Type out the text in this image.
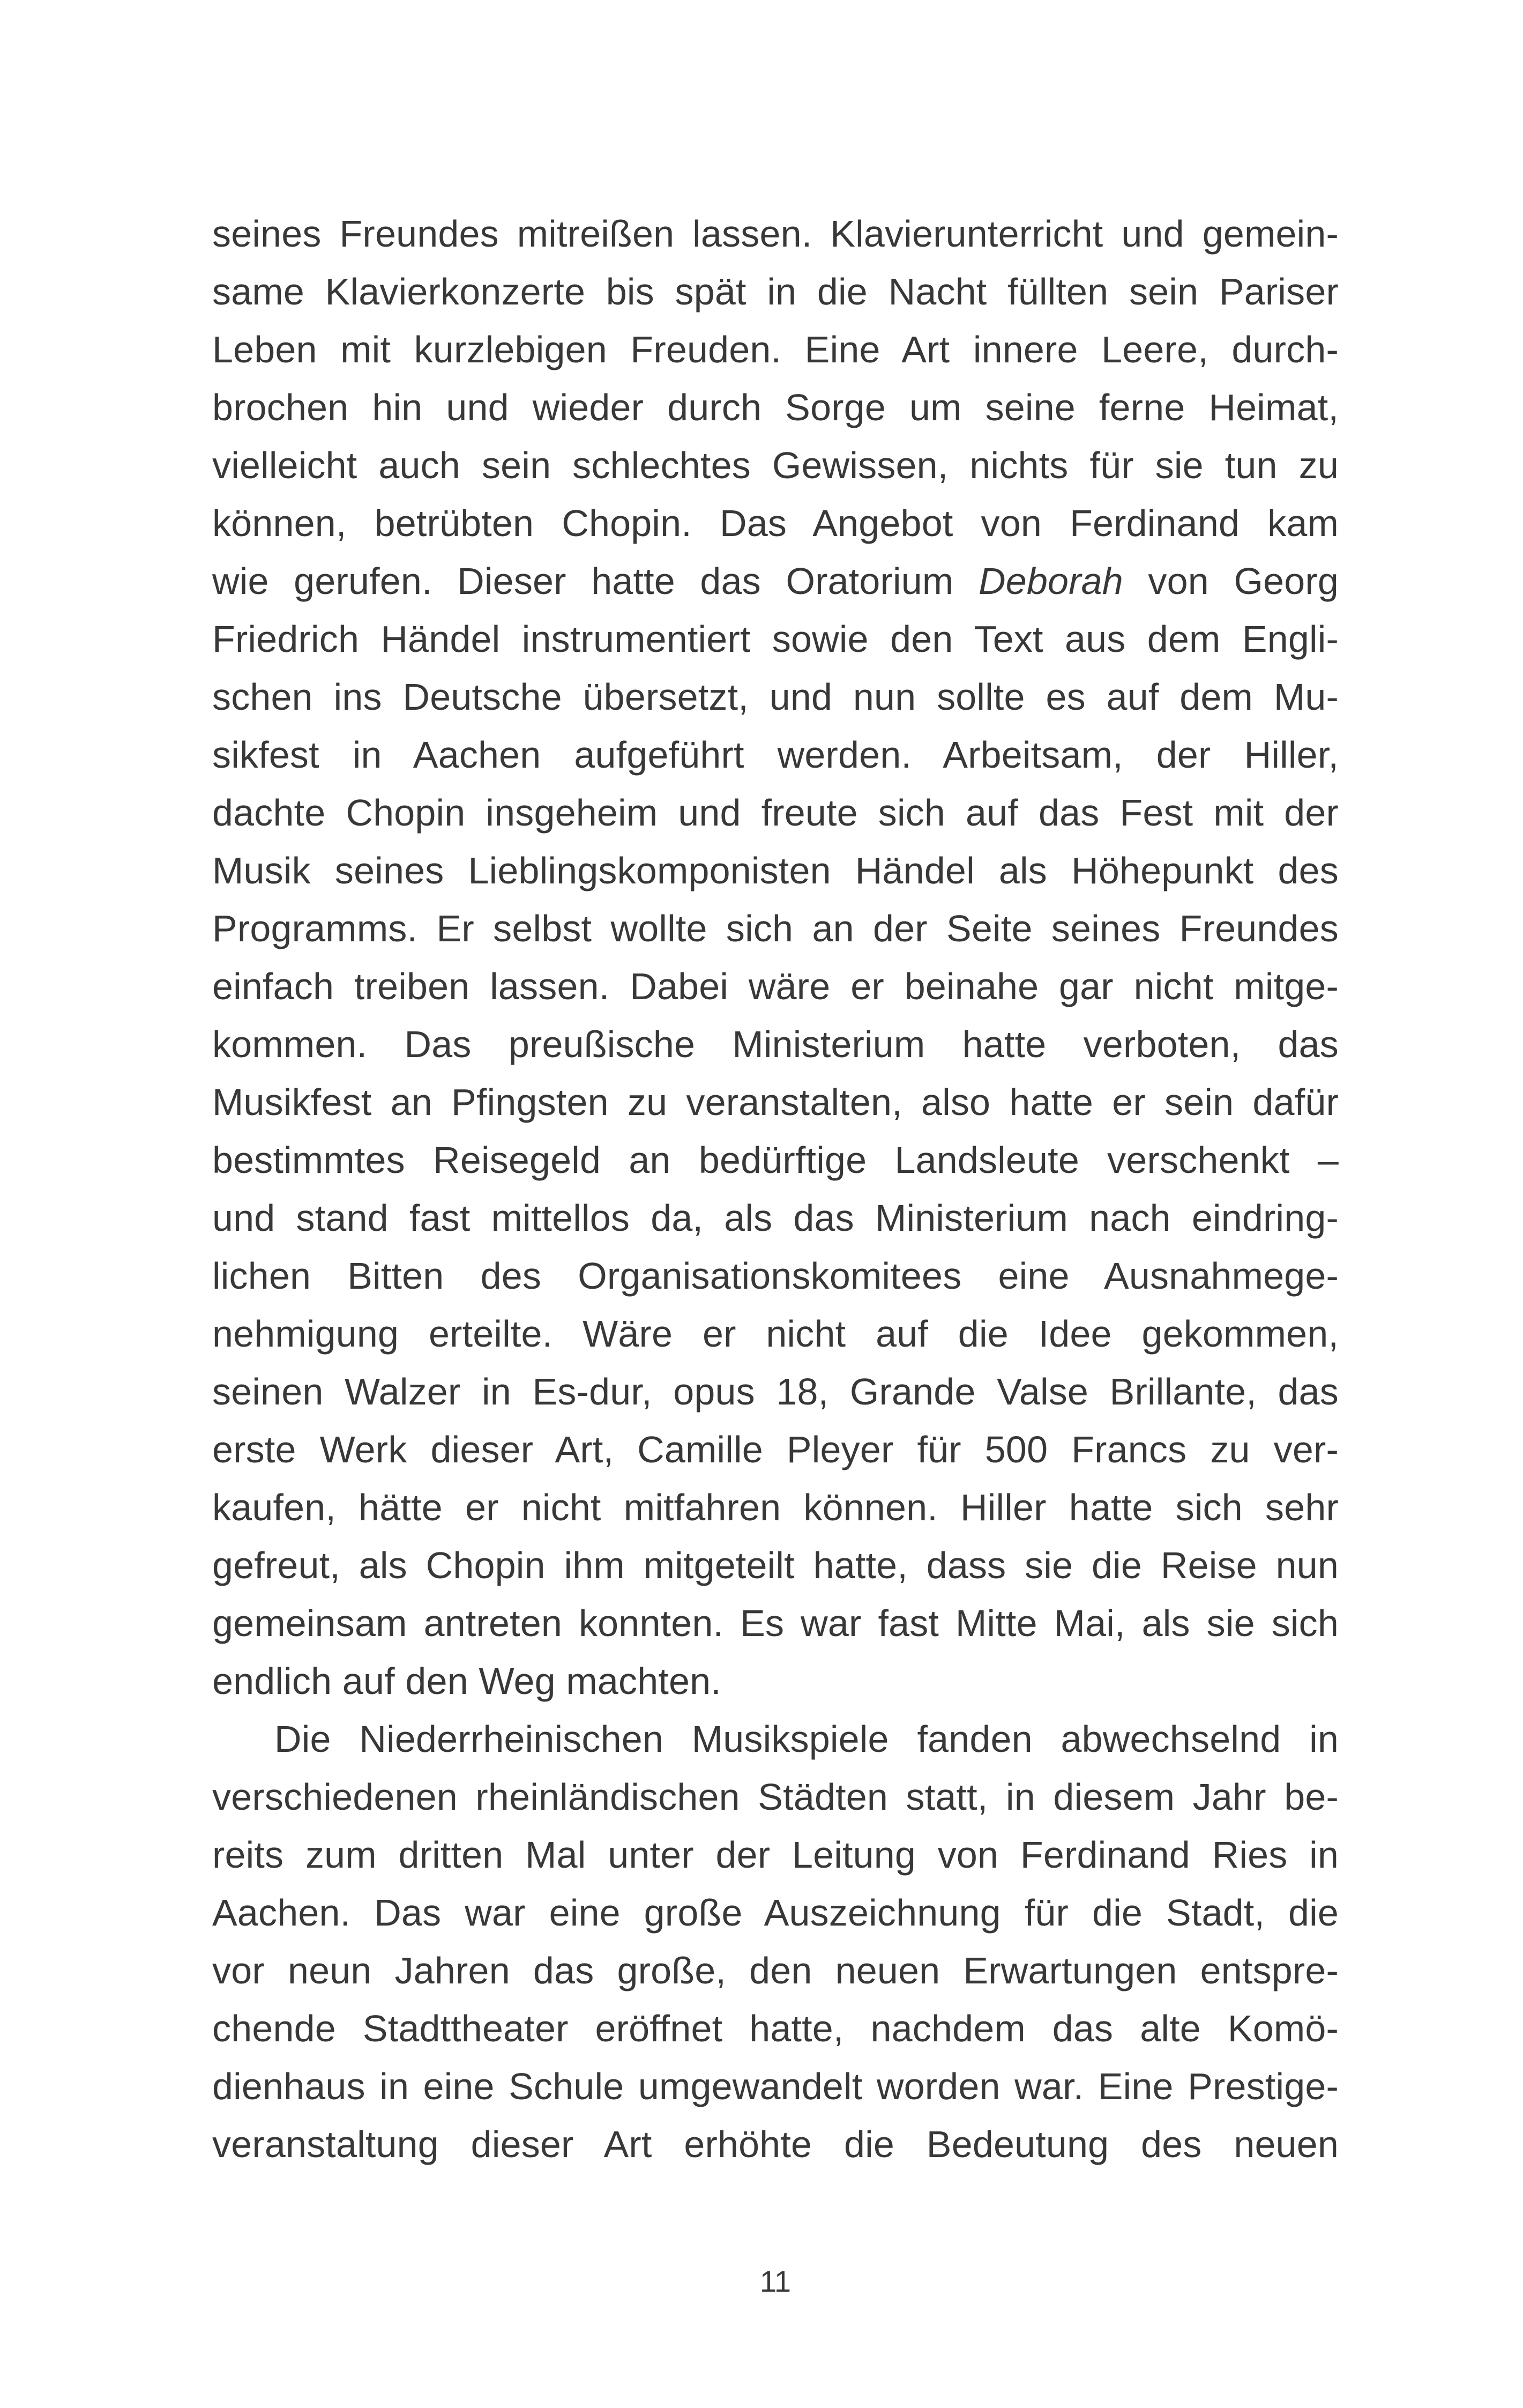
seines Freundes mitreißen lassen. Klavierunterricht und gemein-
same Klavierkonzerte bis spät in die Nacht füllten sein Pariser
Leben mit kurzlebigen Freuden. Eine Art innere Leere, durch-
brochen hin und wieder durch Sorge um seine ferne Heimat,
vielleicht auch sein schlechtes Gewissen, nichts für sie tun zu
können, betrübten Chopin. Das Angebot von Ferdinand kam
wie gerufen. Dieser hatte das Oratorium Deborah von Georg
Friedrich Händel instrumentiert sowie den Text aus dem Engli-
schen ins Deutsche übersetzt, und nun sollte es auf dem Mu-
sikfest in Aachen aufgeführt werden. Arbeitsam, der Hiller,
dachte Chopin insgeheim und freute sich auf das Fest mit der
Musik seines Lieblingskomponisten Händel als Höhepunkt des
Programms. Er selbst wollte sich an der Seite seines Freundes
einfach treiben lassen. Dabei wäre er beinahe gar nicht mitge-
kommen. Das preußische Ministerium hatte verboten, das
Musikfest an Pfingsten zu veranstalten, also hatte er sein dafür
bestimmtes Reisegeld an bedürftige Landsleute verschenkt –
und stand fast mittellos da, als das Ministerium nach eindring-
lichen Bitten des Organisationskomitees eine Ausnahmege-
nehmigung erteilte. Wäre er nicht auf die Idee gekommen,
seinen Walzer in Es-dur, opus 18, Grande Valse Brillante, das
erste Werk dieser Art, Camille Pleyer für 500 Francs zu ver-
kaufen, hätte er nicht mitfahren können. Hiller hatte sich sehr
gefreut, als Chopin ihm mitgeteilt hatte, dass sie die Reise nun
gemeinsam antreten konnten. Es war fast Mitte Mai, als sie sich
endlich auf den Weg machten.
Die Niederrheinischen Musikspiele fanden abwechselnd in
verschiedenen rheinländischen Städten statt, in diesem Jahr be-
reits zum dritten Mal unter der Leitung von Ferdinand Ries in
Aachen. Das war eine große Auszeichnung für die Stadt, die
vor neun Jahren das große, den neuen Erwartungen entspre-
chende Stadttheater eröffnet hatte, nachdem das alte Komö-
dienhaus in eine Schule umgewandelt worden war. Eine Prestige-
veranstaltung dieser Art erhöhte die Bedeutung des neuen
11
